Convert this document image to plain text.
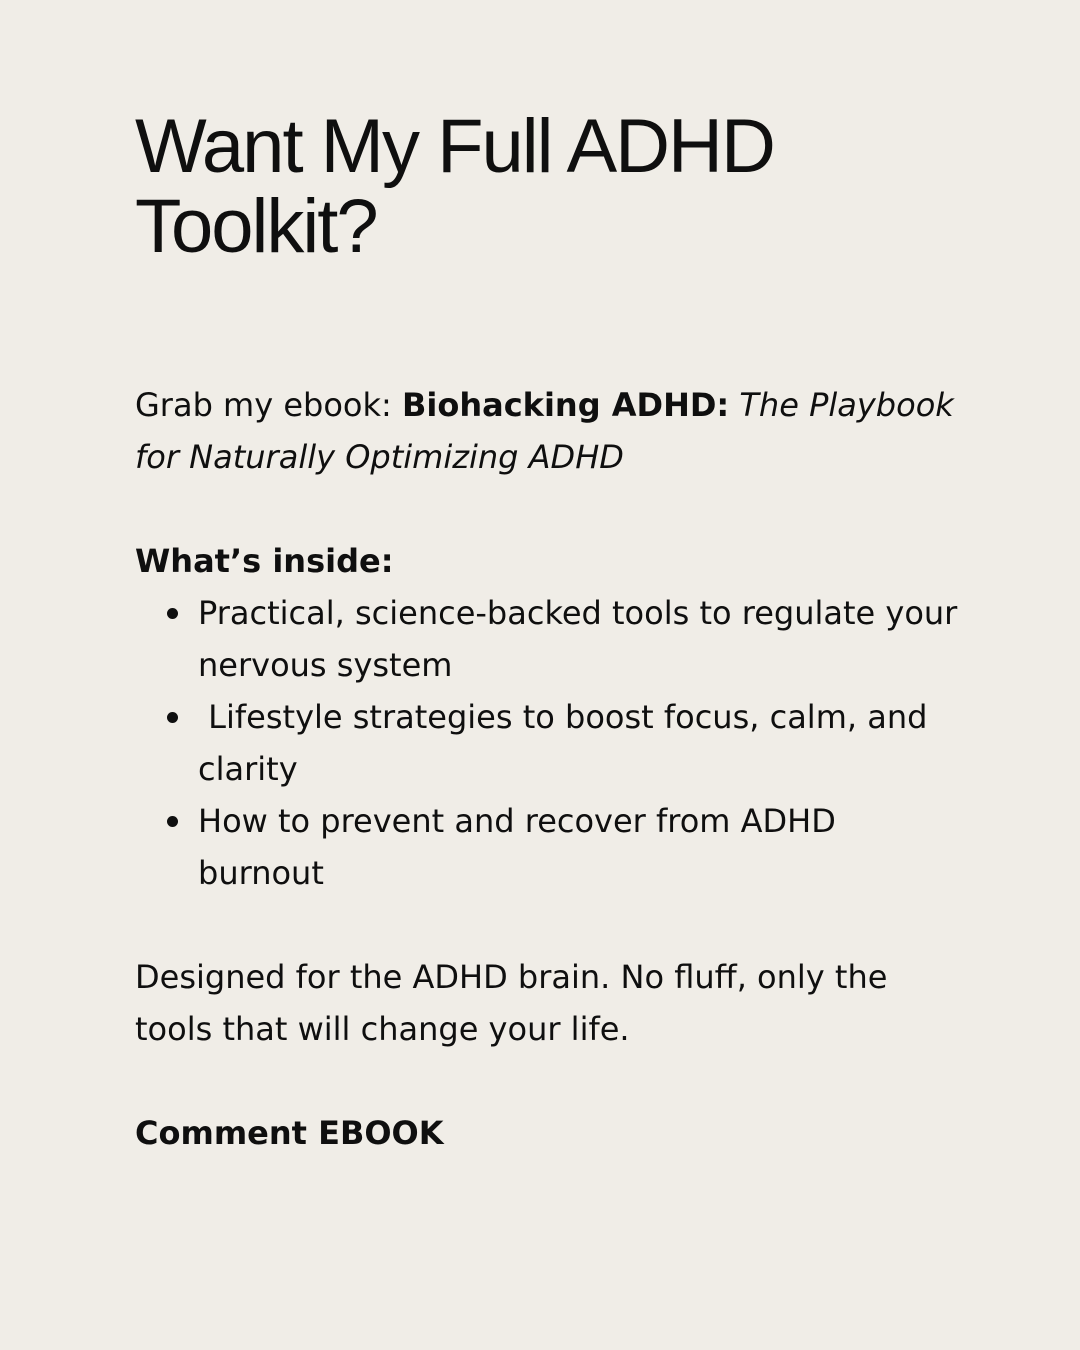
Want My Full ADHD Toolkit?

Grab my ebook: Biohacking ADHD: The Playbook for Naturally Optimizing ADHD

What’s inside:

Practical, science-backed tools to regulate your nervous system
Lifestyle strategies to boost focus, calm, and clarity
How to prevent and recover from ADHD burnout

Designed for the ADHD brain. No fluff, only the tools that will change your life.

Comment EBOOK
